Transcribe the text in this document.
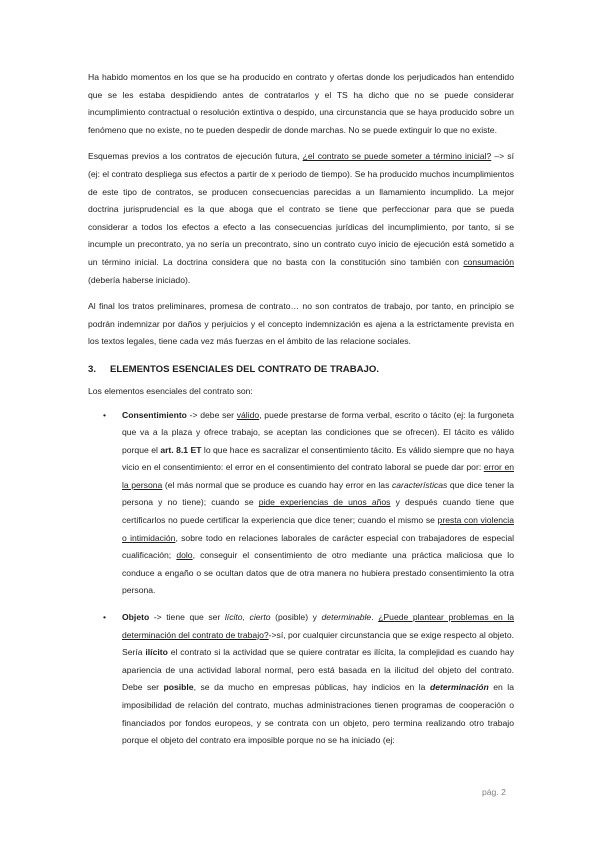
Ha habido momentos en los que se ha producido en contrato y ofertas donde los perjudicados han entendido que se les estaba despidiendo antes de contratarlos y el TS ha dicho que no se puede considerar incumplimiento contractual o resolución extintiva o despido, una circunstancia que se haya producido sobre un fenómeno que no existe, no te pueden despedir de donde marchas. No se puede extinguir lo que no existe.

Esquemas previos a los contratos de ejecución futura, ¿el contrato se puede someter a término inicial? –> sí (ej: el contrato despliega sus efectos a partir de x periodo de tiempo). Se ha producido muchos incumplimientos de este tipo de contratos, se producen consecuencias parecidas a un llamamiento incumplido. La mejor doctrina jurisprudencial es la que aboga que el contrato se tiene que perfeccionar para que se pueda considerar a todos los efectos a efecto a las consecuencias jurídicas del incumplimiento, por tanto, si se incumple un precontrato, ya no sería un precontrato, sino un contrato cuyo inicio de ejecución está sometido a un término inicial. La doctrina considera que no basta con la constitución sino también con consumación (debería haberse iniciado).

Al final los tratos preliminares, promesa de contrato… no son contratos de trabajo, por tanto, en principio se podrán indemnizar por daños y perjuicios y el concepto indemnización es ajena a la estrictamente prevista en los textos legales, tiene cada vez más fuerzas en el ámbito de las relacione sociales.

3.	ELEMENTOS ESENCIALES DEL CONTRATO DE TRABAJO.

Los elementos esenciales del contrato son:

• Consentimiento -> debe ser válido, puede prestarse de forma verbal, escrito o tácito (ej: la furgoneta que va a la plaza y ofrece trabajo, se aceptan las condiciones que se ofrecen). El tácito es válido porque el art. 8.1 ET lo que hace es sacralizar el consentimiento tácito. Es válido siempre que no haya vicio en el consentimiento: el error en el consentimiento del contrato laboral se puede dar por: error en la persona (el más normal que se produce es cuando hay error en las características que dice tener la persona y no tiene); cuando se pide experiencias de unos años y después cuando tiene que certificarlos no puede certificar la experiencia que dice tener; cuando el mismo se presta con violencia o intimidación, sobre todo en relaciones laborales de carácter especial con trabajadores de especial cualificación; dolo, conseguir el consentimiento de otro mediante una práctica maliciosa que lo conduce a engaño o se ocultan datos que de otra manera no hubiera prestado consentimiento la otra persona.

• Objeto -> tiene que ser lícito, cierto (posible) y determinable. ¿Puede plantear problemas en la determinación del contrato de trabajo?->sí, por cualquier circunstancia que se exige respecto al objeto. Sería ilícito el contrato si la actividad que se quiere contratar es ilícita, la complejidad es cuando hay apariencia de una actividad laboral normal, pero está basada en la ilicitud del objeto del contrato. Debe ser posible, se da mucho en empresas públicas, hay indicios en la determinación en la imposibilidad de relación del contrato, muchas administraciones tienen programas de cooperación o financiados por fondos europeos, y se contrata con un objeto, pero termina realizando otro trabajo porque el objeto del contrato era imposible porque no se ha iniciado (ej:

pág. 2
